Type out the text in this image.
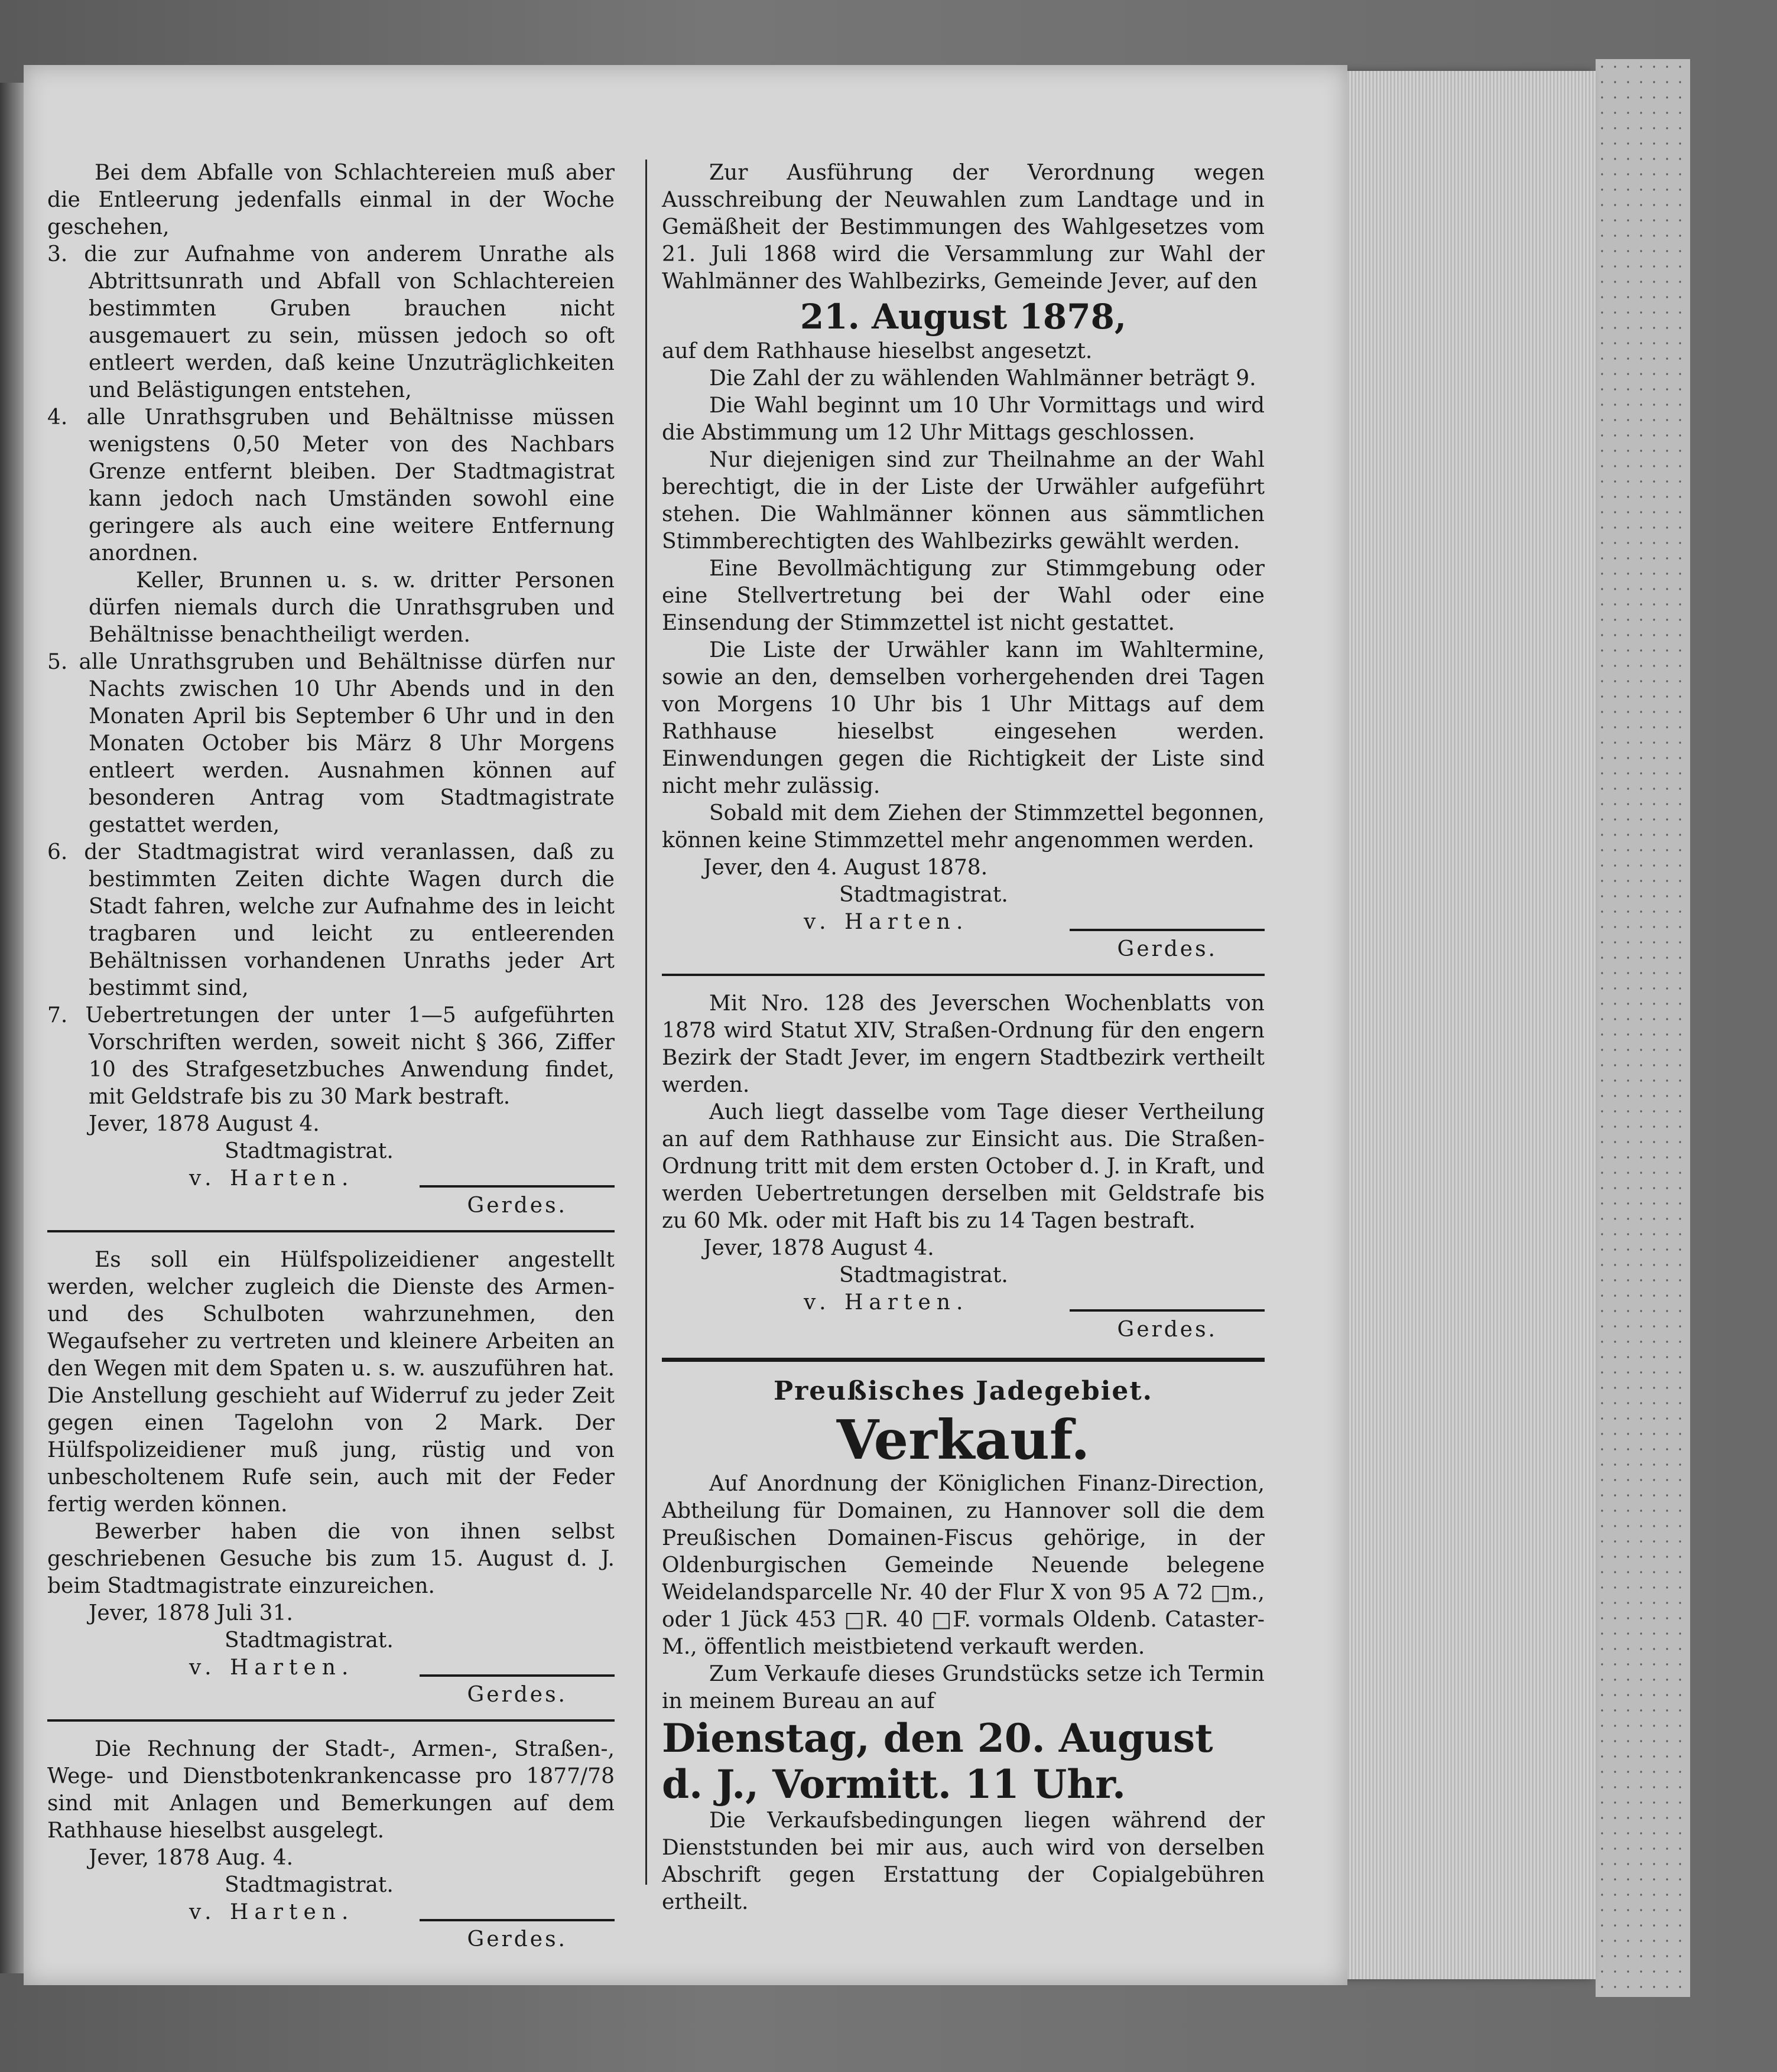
Bei dem Abfalle von Schlachtereien muß aber die Entleerung jedenfalls einmal in der Woche geschehen,

3. die zur Aufnahme von anderem Unrathe als Abtrittsunrath und Abfall von Schlachtereien bestimmten Gruben brauchen nicht ausgemauert zu sein, müssen jedoch so oft entleert werden, daß keine Unzuträglichkeiten und Belästigungen entstehen,

4. alle Unrathsgruben und Behältnisse müssen wenigstens 0,50 Meter von des Nachbars Grenze entfernt bleiben. Der Stadtmagistrat kann jedoch nach Umständen sowohl eine geringere als auch eine weitere Entfernung anordnen.

Keller, Brunnen u. s. w. dritter Personen dürfen niemals durch die Unrathsgruben und Behältnisse benachtheiligt werden.

5. alle Unrathsgruben und Behältnisse dürfen nur Nachts zwischen 10 Uhr Abends und in den Monaten April bis September 6 Uhr und in den Monaten October bis März 8 Uhr Morgens entleert werden. Ausnahmen können auf besonderen Antrag vom Stadtmagistrate gestattet werden,

6. der Stadtmagistrat wird veranlassen, daß zu bestimmten Zeiten dichte Wagen durch die Stadt fahren, welche zur Aufnahme des in leicht tragbaren und leicht zu entleerenden Behältnissen vorhandenen Unraths jeder Art bestimmt sind,

7. Uebertretungen der unter 1—5 aufgeführten Vorschriften werden, soweit nicht § 366, Ziffer 10 des Strafgesetzbuches Anwendung findet, mit Geldstrafe bis zu 30 Mark bestraft.

Jever, 1878 August 4.

Stadtmagistrat.

v. Harten.

Gerdes.

Es soll ein Hülfspolizeidiener angestellt werden, welcher zugleich die Dienste des Armen- und des Schulboten wahrzunehmen, den Wegaufseher zu vertreten und kleinere Arbeiten an den Wegen mit dem Spaten u. s. w. auszuführen hat. Die Anstellung geschieht auf Widerruf zu jeder Zeit gegen einen Tagelohn von 2 Mark. Der Hülfspolizeidiener muß jung, rüstig und von unbescholtenem Rufe sein, auch mit der Feder fertig werden können.

Bewerber haben die von ihnen selbst geschriebenen Gesuche bis zum 15. August d. J. beim Stadtmagistrate einzureichen.

Jever, 1878 Juli 31.

Stadtmagistrat.

v. Harten.

Gerdes.

Die Rechnung der Stadt-, Armen-, Straßen-, Wege- und Dienstbotenkrankencasse pro 1877/78 sind mit Anlagen und Bemerkungen auf dem Rathhause hieselbst ausgelegt.

Jever, 1878 Aug. 4.

Stadtmagistrat.

v. Harten.

Gerdes.

Zur Ausführung der Verordnung wegen Ausschreibung der Neuwahlen zum Landtage und in Gemäßheit der Bestimmungen des Wahlgesetzes vom 21. Juli 1868 wird die Versammlung zur Wahl der Wahlmänner des Wahlbezirks, Gemeinde Jever, auf den

21. August 1878,

auf dem Rathhause hieselbst angesetzt.

Die Zahl der zu wählenden Wahlmänner beträgt 9.

Die Wahl beginnt um 10 Uhr Vormittags und wird die Abstimmung um 12 Uhr Mittags geschlossen.

Nur diejenigen sind zur Theilnahme an der Wahl berechtigt, die in der Liste der Urwähler aufgeführt stehen. Die Wahlmänner können aus sämmtlichen Stimmberechtigten des Wahlbezirks gewählt werden.

Eine Bevollmächtigung zur Stimmgebung oder eine Stellvertretung bei der Wahl oder eine Einsendung der Stimmzettel ist nicht gestattet.

Die Liste der Urwähler kann im Wahltermine, sowie an den, demselben vorhergehenden drei Tagen von Morgens 10 Uhr bis 1 Uhr Mittags auf dem Rathhause hieselbst eingesehen werden. Einwendungen gegen die Richtigkeit der Liste sind nicht mehr zulässig.

Sobald mit dem Ziehen der Stimmzettel begonnen, können keine Stimmzettel mehr angenommen werden.

Jever, den 4. August 1878.

Stadtmagistrat.

v. Harten.

Gerdes.

Mit Nro. 128 des Jeverschen Wochenblatts von 1878 wird Statut XIV, Straßen-Ordnung für den engern Bezirk der Stadt Jever, im engern Stadtbezirk vertheilt werden.

Auch liegt dasselbe vom Tage dieser Vertheilung an auf dem Rathhause zur Einsicht aus. Die Straßen-Ordnung tritt mit dem ersten October d. J. in Kraft, und werden Uebertretungen derselben mit Geldstrafe bis zu 60 Mk. oder mit Haft bis zu 14 Tagen bestraft.

Jever, 1878 August 4.

Stadtmagistrat.

v. Harten.

Gerdes.

Preußisches Jadegebiet.

Verkauf.

Auf Anordnung der Königlichen Finanz-Direction, Abtheilung für Domainen, zu Hannover soll die dem Preußischen Domainen-Fiscus gehörige, in der Oldenburgischen Gemeinde Neuende belegene Weidelandsparcelle Nr. 40 der Flur X von 95 A 72 □m., oder 1 Jück 453 □R. 40 □F. vormals Oldenb. Cataster-M., öffentlich meistbietend verkauft werden.

Zum Verkaufe dieses Grundstücks setze ich Termin in meinem Bureau an auf

Dienstag, den 20. August

d. J., Vormitt. 11 Uhr.

Die Verkaufsbedingungen liegen während der Dienststunden bei mir aus, auch wird von derselben Abschrift gegen Erstattung der Copialgebühren ertheilt.
